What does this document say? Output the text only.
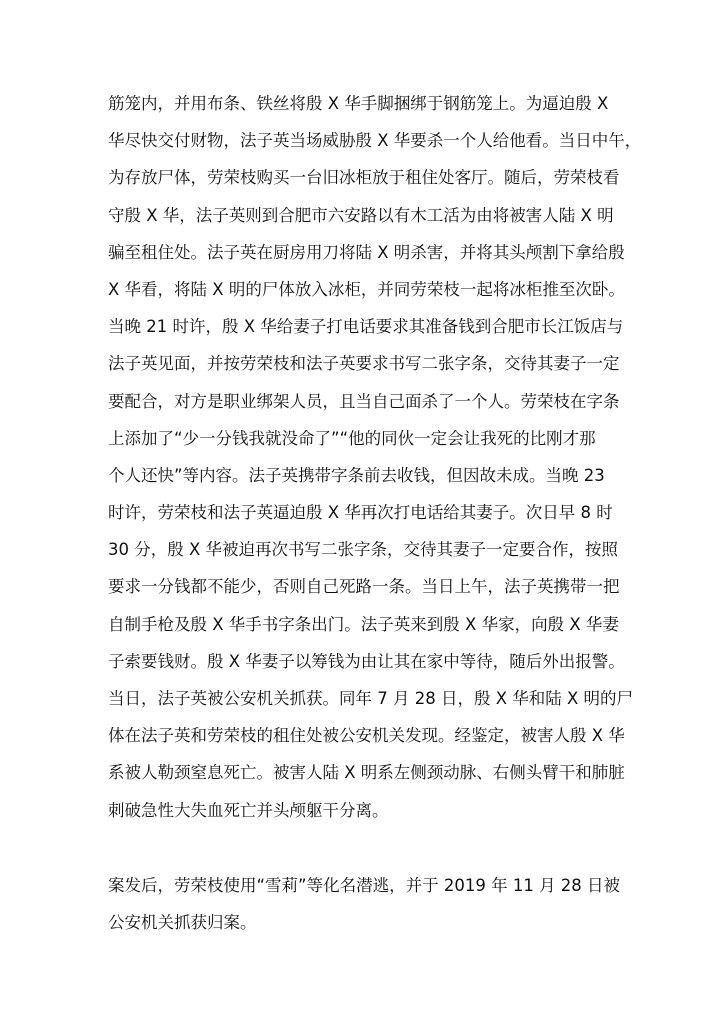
筋笼内，并用布条、铁丝将殷 X 华手脚捆绑于钢筋笼上。为逼迫殷 X
华尽快交付财物，法子英当场威胁殷 X 华要杀一个人给他看。当日中午，
为存放尸体，劳荣枝购买一台旧冰柜放于租住处客厅。随后，劳荣枝看
守殷 X 华，法子英则到合肥市六安路以有木工活为由将被害人陆 X 明
骗至租住处。法子英在厨房用刀将陆 X 明杀害，并将其头颅割下拿给殷
X 华看，将陆 X 明的尸体放入冰柜，并同劳荣枝一起将冰柜推至次卧。
当晚 21 时许，殷 X 华给妻子打电话要求其准备钱到合肥市长江饭店与
法子英见面，并按劳荣枝和法子英要求书写二张字条，交待其妻子一定
要配合，对方是职业绑架人员，且当自己面杀了一个人。劳荣枝在字条
上添加了“少一分钱我就没命了”“他的同伙一定会让我死的比刚才那
个人还快”等内容。法子英携带字条前去收钱，但因故未成。当晚 23
时许，劳荣枝和法子英逼迫殷 X 华再次打电话给其妻子。次日早 8 时
30 分，殷 X 华被迫再次书写二张字条，交待其妻子一定要合作，按照
要求一分钱都不能少，否则自己死路一条。当日上午，法子英携带一把
自制手枪及殷 X 华手书字条出门。法子英来到殷 X 华家，向殷 X 华妻
子索要钱财。殷 X 华妻子以筹钱为由让其在家中等待，随后外出报警。
当日，法子英被公安机关抓获。同年 7 月 28 日，殷 X 华和陆 X 明的尸
体在法子英和劳荣枝的租住处被公安机关发现。经鉴定，被害人殷 X 华
系被人勒颈窒息死亡。被害人陆 X 明系左侧颈动脉、右侧头臂干和肺脏
刺破急性大失血死亡并头颅躯干分离。
案发后，劳荣枝使用“雪莉”等化名潜逃，并于 2019 年 11 月 28 日被
公安机关抓获归案。
